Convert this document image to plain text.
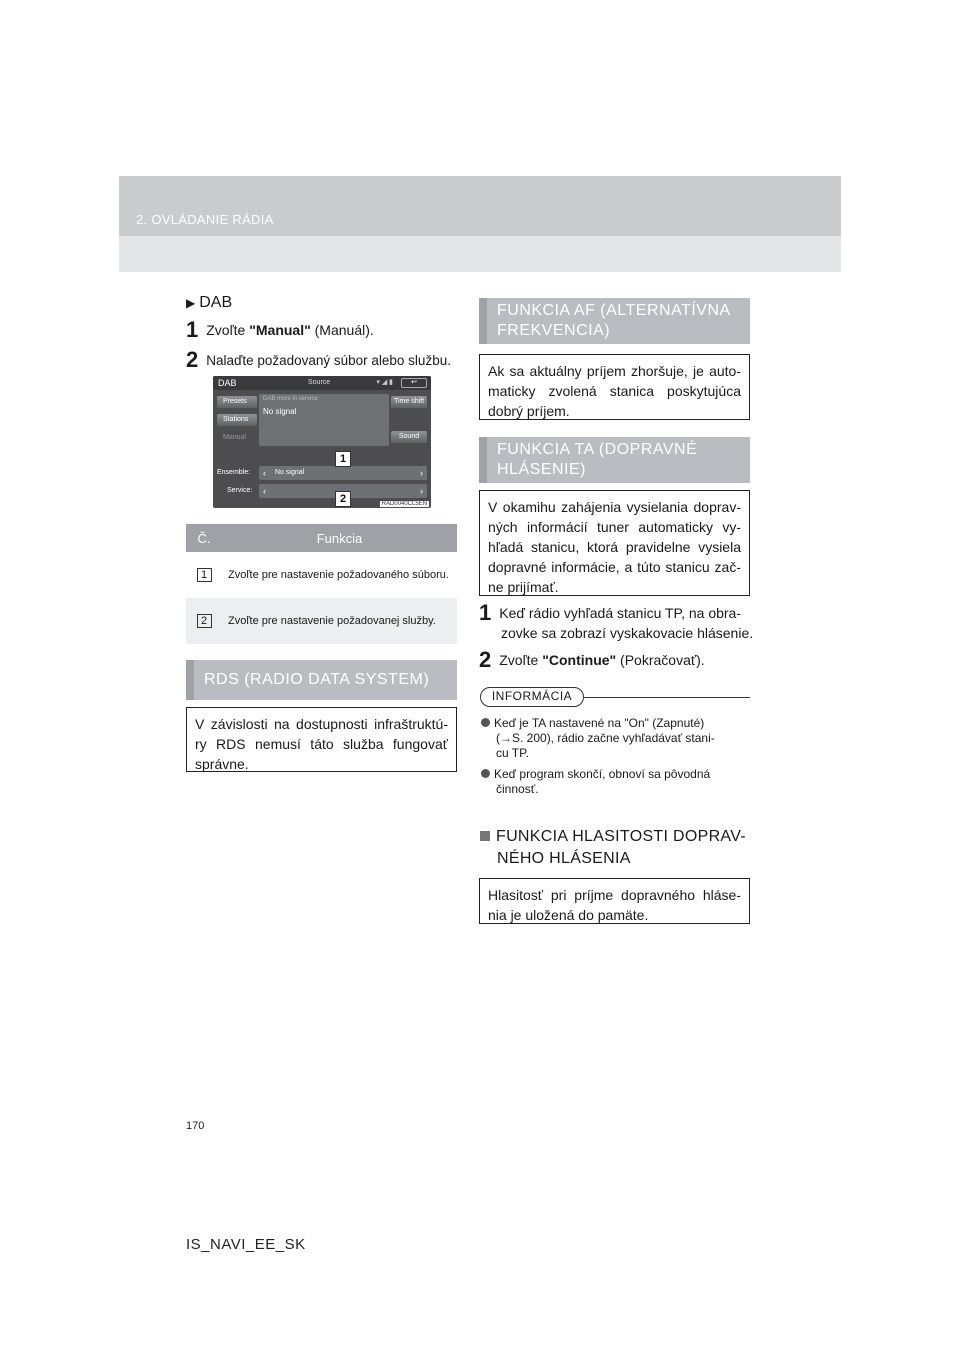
2. OVLÁDANIE RÁDIA
▶ DAB
1 Zvoľte "Manual" (Manuál).
2 Nalaďte požadovaný súbor alebo službu.
DAB	Source	▾ ◢ ▮	↩
Presets
Stations
Manual
DAB more in service
No signal
Time shift
Sound
Ensemble: ‹ No signal	›
Service: ‹	›
RAD0040CL5EN
1
2
Č.	Funkcia
1	Zvoľte pre nastavenie požadovaného súboru.
2	Zvoľte pre nastavenie požadovanej služby.
RDS (RADIO DATA SYSTEM)
V závislosti na dostupnosti infraštruktú-ry RDS nemusí táto služba fungovať správne.
FUNKCIA AF (ALTERNATÍVNA
FREKVENCIA)
Ak sa aktuálny príjem zhoršuje, je auto-maticky zvolená stanica poskytujúca dobrý príjem.
FUNKCIA TA (DOPRAVNÉ
HLÁSENIE)
V okamihu zahájenia vysielania doprav-ných informácií tuner automaticky vy-hľadá stanicu, ktorá pravidelne vysiela dopravné informácie, a túto stanicu zač-ne prijímať.
1 Keď rádio vyhľadá stanicu TP, na obra-
zovke sa zobrazí vyskakovacie hlásenie.
2 Zvoľte "Continue" (Pokračovať).
INFORMÁCIA
Keď je TA nastavené na "On" (Zapnuté)
(→S. 200), rádio začne vyhľadávať stani-
cu TP.
Keď program skončí, obnoví sa pôvodná
činnosť.
FUNKCIA HLASITOSTI DOPRAV-
NÉHO HLÁSENIA
Hlasitosť pri príjme dopravného hláse-nia je uložená do pamäte.
170
IS_NAVI_EE_SK
